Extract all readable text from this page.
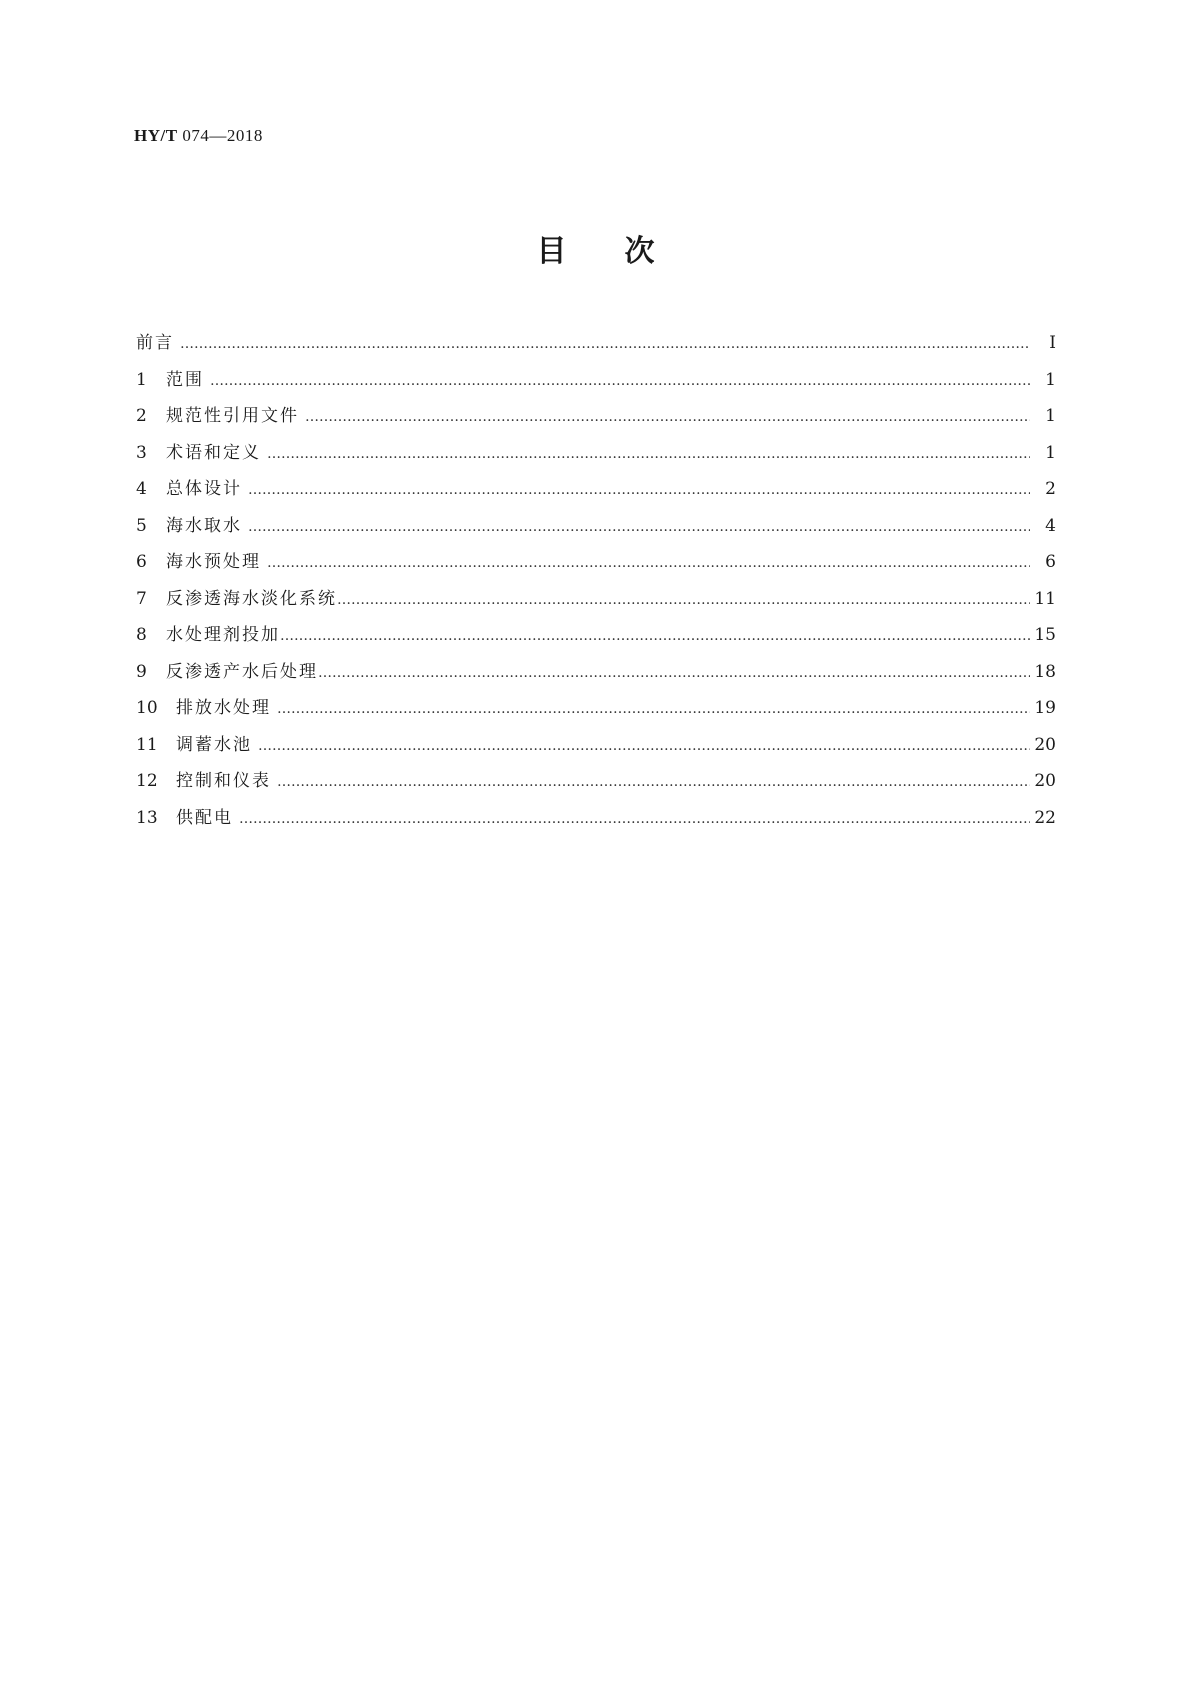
HY/T 074—2018
目 次
前言 …………………………………………………………………………………………………………………………………………………………………………………………	Ⅰ
1	范围 …………………………………………………………………………………………………………………………………………………………………………………………	1
2	规范性引用文件 …………………………………………………………………………………………………………………………………………………………………………………………	1
3	术语和定义 …………………………………………………………………………………………………………………………………………………………………………………………	1
4	总体设计 …………………………………………………………………………………………………………………………………………………………………………………………	2
5	海水取水 …………………………………………………………………………………………………………………………………………………………………………………………	4
6	海水预处理 …………………………………………………………………………………………………………………………………………………………………………………………	6
7	反渗透海水淡化系统 …………………………………………………………………………………………………………………………………………………………………………………………	11
8	水处理剂投加 …………………………………………………………………………………………………………………………………………………………………………………………	15
9	反渗透产水后处理 …………………………………………………………………………………………………………………………………………………………………………………………	18
10	排放水处理 …………………………………………………………………………………………………………………………………………………………………………………………	19
11	调蓄水池 …………………………………………………………………………………………………………………………………………………………………………………………	20
12	控制和仪表 …………………………………………………………………………………………………………………………………………………………………………………………	20
13	供配电 …………………………………………………………………………………………………………………………………………………………………………………………	22
